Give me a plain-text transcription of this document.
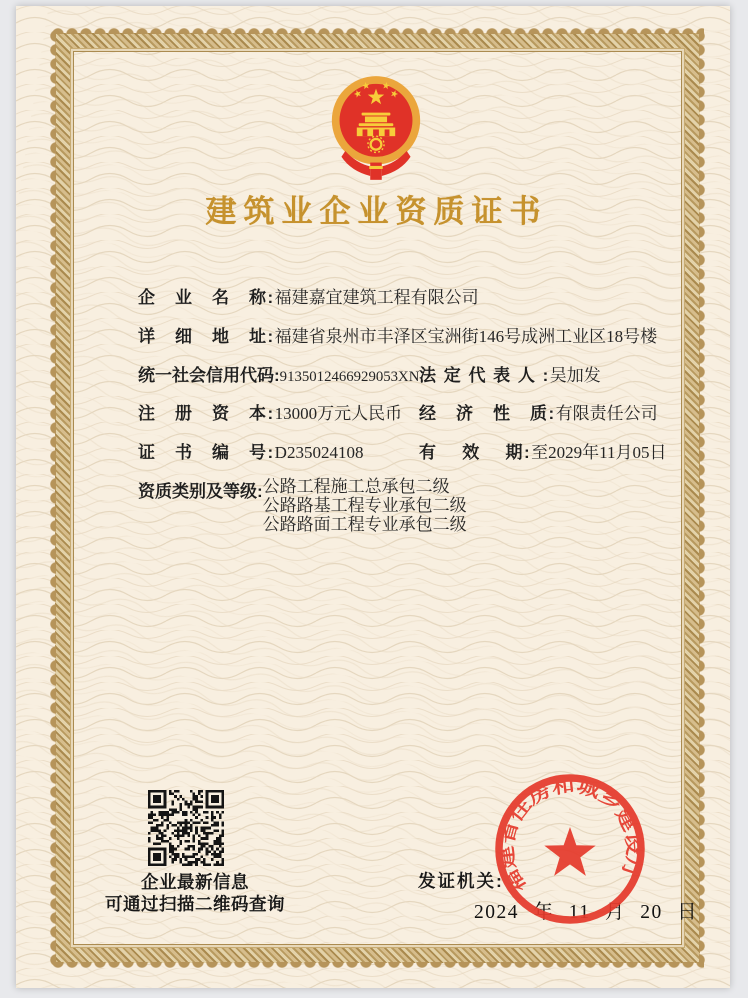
建筑业企业资质证书
企　业　名　称:福建嘉宜建筑工程有限公司
详　细　地　址:福建省泉州市丰泽区宝洲街146号成洲工业区18号楼
统一社会信用代码:9135012466929053XN 法 定 代 表 人 :吴加发
注　册　资　本:13000万元人民币 经　济　性　质:有限责任公司
证　书　编　号:D235024108	有　 效　 期:至2029年11月05日
资质类别及等级: 公路工程施工总承包二级
公路路基工程专业承包二级
公路路面工程专业承包二级
企业最新信息
可通过扫描二维码查询
发证机关:
2024 年 11 月 20 日
福建省住房和城乡建设厅
